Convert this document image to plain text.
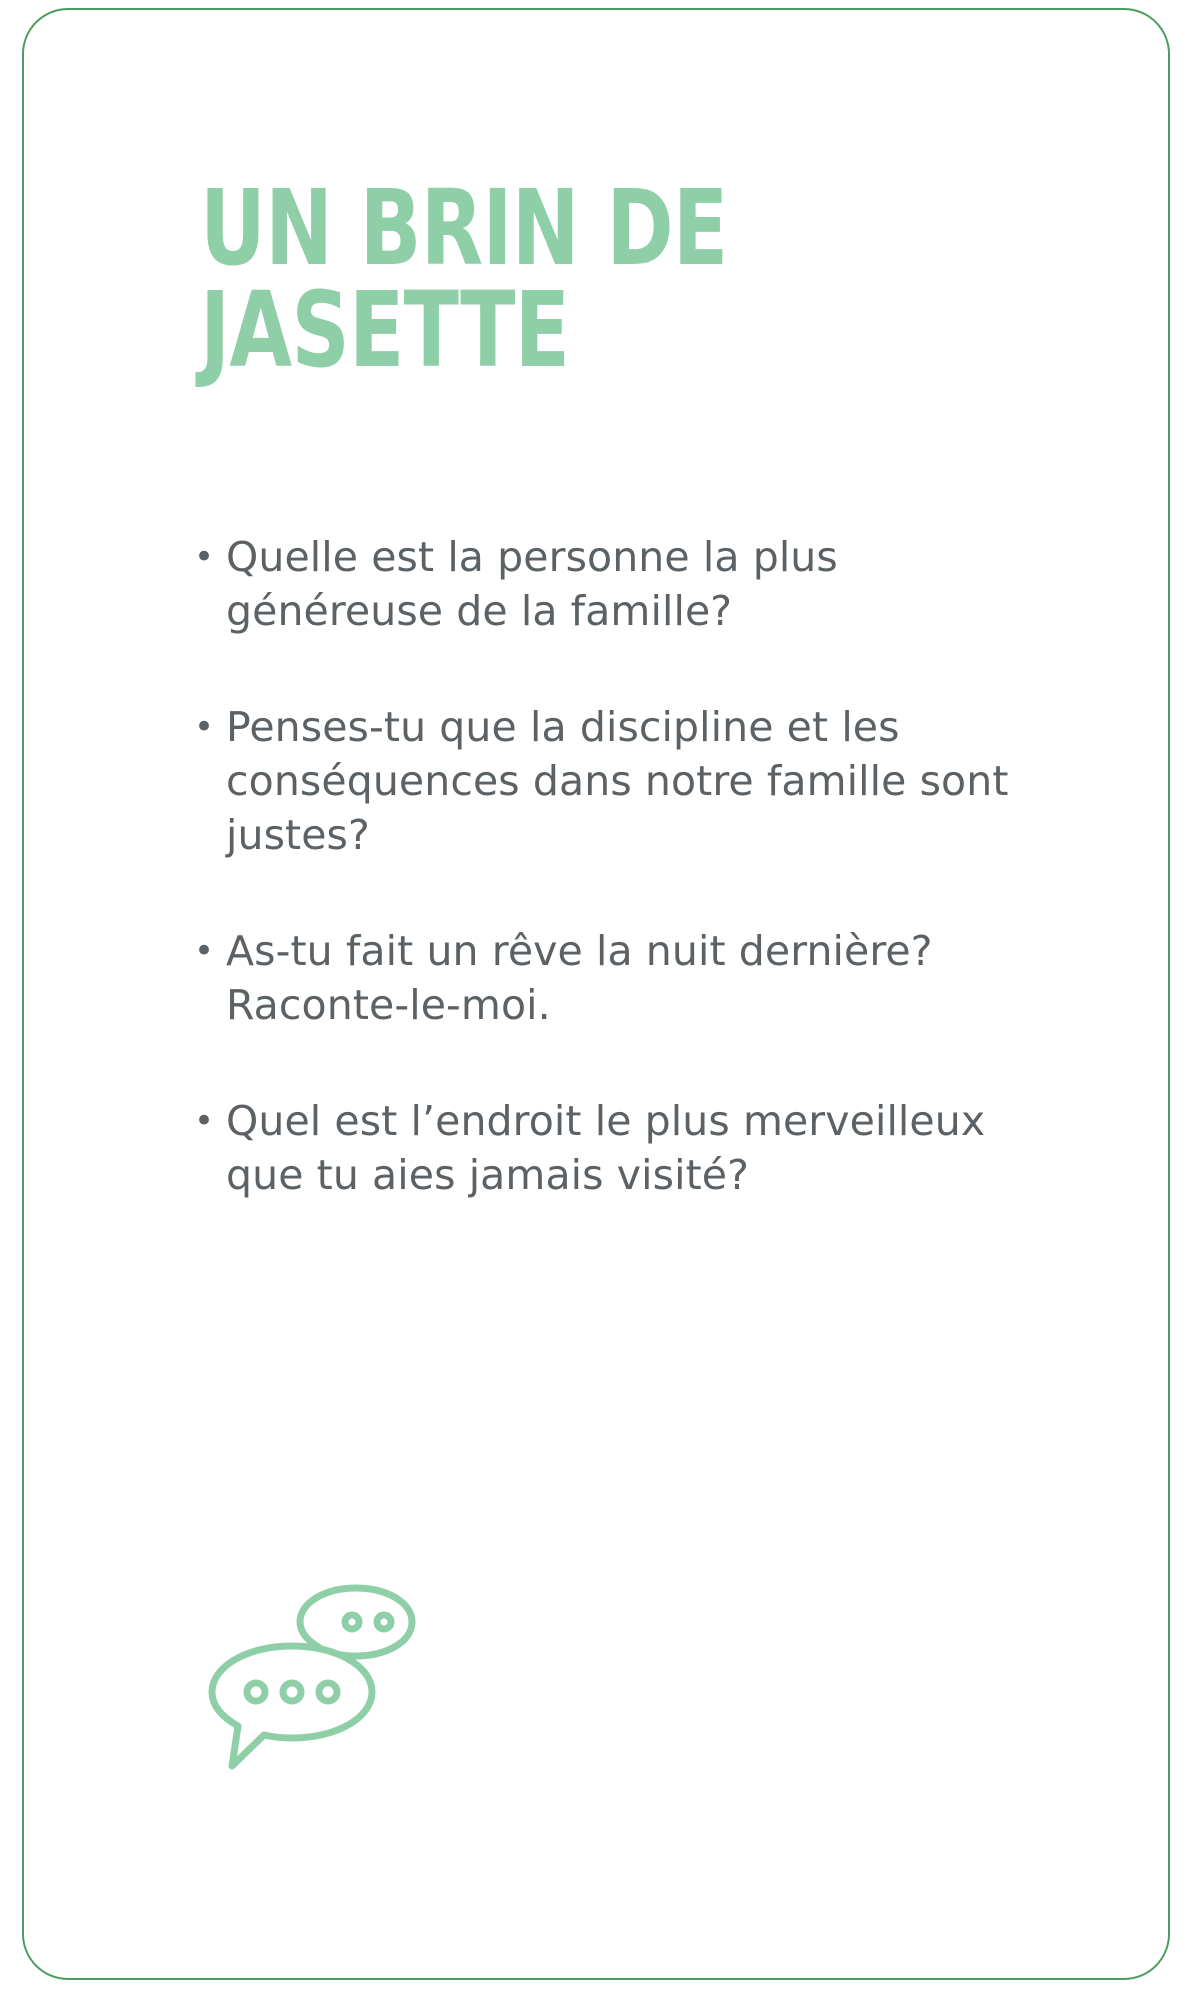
UN BRIN DE
JASETTE
• Quelle est la personne la plus généreuse de la famille?
• Penses-tu que la discipline et les conséquences dans notre famille sont justes?
• As-tu fait un rêve la nuit dernière? Raconte-le-moi.
• Quel est l’endroit le plus merveilleux que tu aies jamais visité?
